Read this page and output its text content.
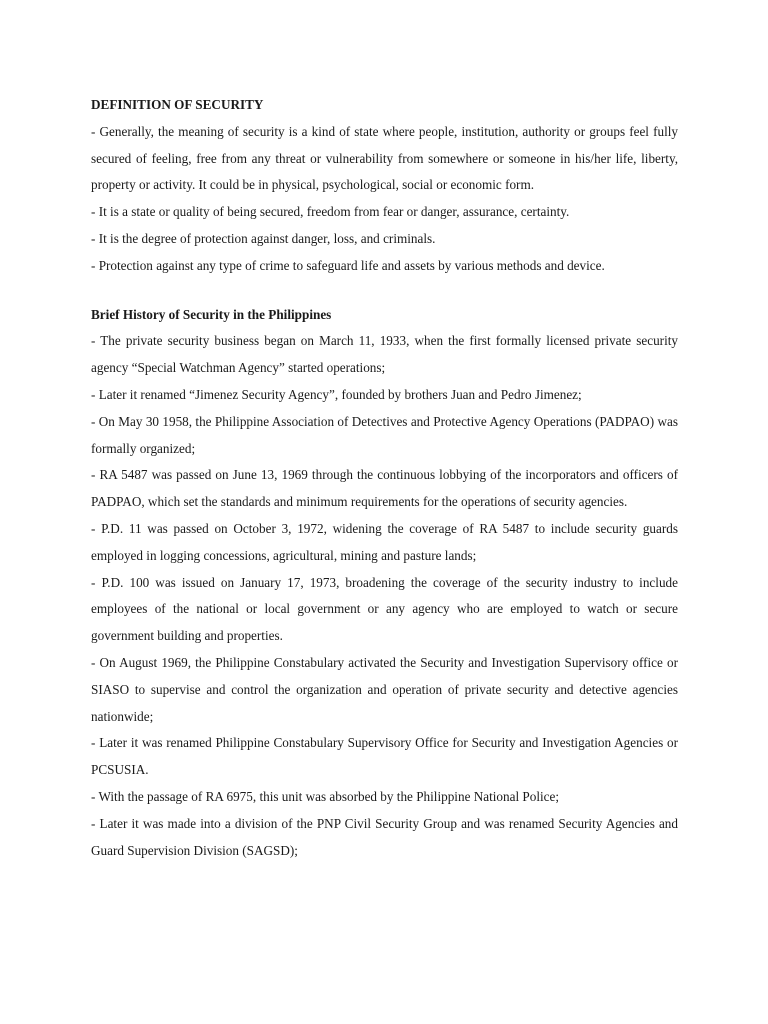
DEFINITION OF SECURITY

- Generally, the meaning of security is a kind of state where people, institution, authority or groups feel fully secured of feeling, free from any threat or vulnerability from somewhere or someone in his/her life, liberty, property or activity. It could be in physical, psychological, social or economic form.

- It is a state or quality of being secured, freedom from fear or danger, assurance, certainty.

- It is the degree of protection against danger, loss, and criminals.

- Protection against any type of crime to safeguard life and assets by various methods and device.

Brief History of Security in the Philippines

- The private security business began on March 11, 1933, when the first formally licensed private security agency “Special Watchman Agency” started operations;

- Later it renamed “Jimenez Security Agency”, founded by brothers Juan and Pedro Jimenez;

- On May 30 1958, the Philippine Association of Detectives and Protective Agency Operations (PADPAO) was formally organized;

- RA 5487 was passed on June 13, 1969 through the continuous lobbying of the incorporators and officers of PADPAO, which set the standards and minimum requirements for the operations of security agencies.

- P.D. 11 was passed on October 3, 1972, widening the coverage of RA 5487 to include security guards employed in logging concessions, agricultural, mining and pasture lands;

- P.D. 100 was issued on January 17, 1973, broadening the coverage of the security industry to include employees of the national or local government or any agency who are employed to watch or secure government building and properties.

- On August 1969, the Philippine Constabulary activated the Security and Investigation Supervisory office or SIASO to supervise and control the organization and operation of private security and detective agencies nationwide;

- Later it was renamed Philippine Constabulary Supervisory Office for Security and Investigation Agencies or PCSUSIA.

- With the passage of RA 6975, this unit was absorbed by the Philippine National Police;

- Later it was made into a division of the PNP Civil Security Group and was renamed Security Agencies and Guard Supervision Division (SAGSD);
